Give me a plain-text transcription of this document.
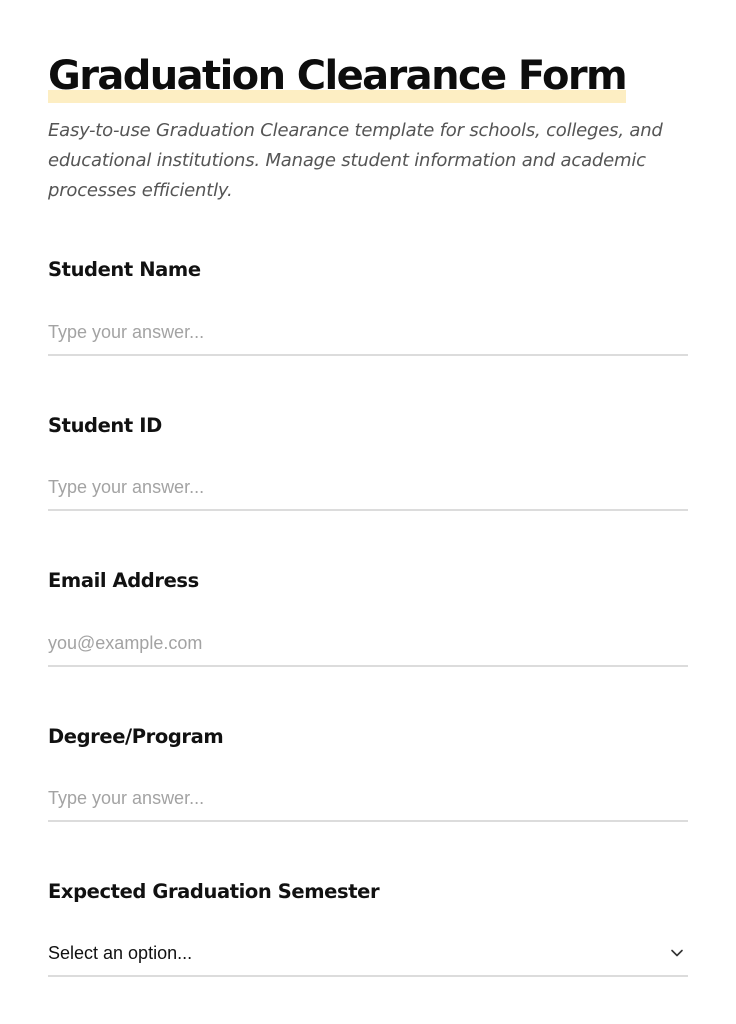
Graduation Clearance Form

Easy-to-use Graduation Clearance template for schools, colleges, and educational institutions. Manage student information and academic processes efficiently.

Student Name

Type your answer...

Student ID

Type your answer...

Email Address

you@example.com

Degree/Program

Type your answer...

Expected Graduation Semester

Select an option...
